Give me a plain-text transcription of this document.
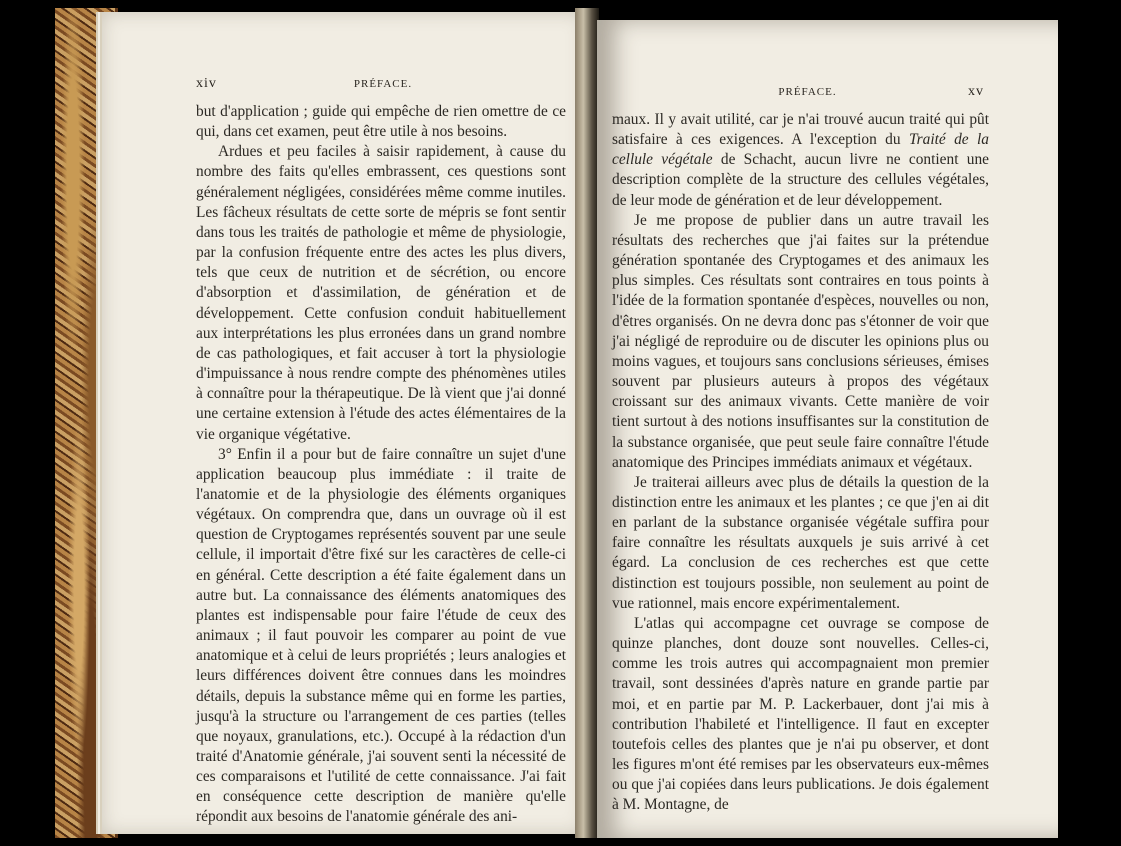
xiv	PRÉFACE.

but d'application ; guide qui empêche de rien omettre de ce qui, dans cet examen, peut être utile à nos besoins.

Ardues et peu faciles à saisir rapidement, à cause du nombre des faits qu'elles embrassent, ces questions sont généralement négligées, considérées même comme inutiles. Les fâcheux résultats de cette sorte de mépris se font sentir dans tous les traités de pathologie et même de physiologie, par la confusion fréquente entre des actes les plus divers, tels que ceux de nutrition et de sécrétion, ou encore d'absorption et d'assimilation, de génération et de développement. Cette confusion conduit habituellement aux interprétations les plus erronées dans un grand nombre de cas pathologiques, et fait accuser à tort la physiologie d'impuissance à nous rendre compte des phénomènes utiles à connaître pour la thérapeutique. De là vient que j'ai donné une certaine extension à l'étude des actes élémentaires de la vie organique végétative.

3° Enfin il a pour but de faire connaître un sujet d'une application beaucoup plus immédiate : il traite de l'anatomie et de la physiologie des éléments organiques végétaux. On comprendra que, dans un ouvrage où il est question de Cryptogames représentés souvent par une seule cellule, il importait d'être fixé sur les caractères de celle-ci en général. Cette description a été faite également dans un autre but. La connaissance des éléments anatomiques des plantes est indispensable pour faire l'étude de ceux des animaux ; il faut pouvoir les comparer au point de vue anatomique et à celui de leurs propriétés ; leurs analogies et leurs différences doivent être connues dans les moindres détails, depuis la substance même qui en forme les parties, jusqu'à la structure ou l'arrangement de ces parties (telles que noyaux, granulations, etc.). Occupé à la rédaction d'un traité d'Anatomie générale, j'ai souvent senti la nécessité de ces comparaisons et l'utilité de cette connaissance. J'ai fait en conséquence cette description de manière qu'elle répondit aux besoins de l'anatomie générale des ani-

PRÉFACE.	xv

maux. Il y avait utilité, car je n'ai trouvé aucun traité qui pût satisfaire à ces exigences. A l'exception du Traité de la cellule végétale de Schacht, aucun livre ne contient une description complète de la structure des cellules végétales, de leur mode de génération et de leur développement.

Je me propose de publier dans un autre travail les résultats des recherches que j'ai faites sur la prétendue génération spontanée des Cryptogames et des animaux les plus simples. Ces résultats sont contraires en tous points à l'idée de la formation spontanée d'espèces, nouvelles ou non, d'êtres organisés. On ne devra donc pas s'étonner de voir que j'ai négligé de reproduire ou de discuter les opinions plus ou moins vagues, et toujours sans conclusions sérieuses, émises souvent par plusieurs auteurs à propos des végétaux croissant sur des animaux vivants. Cette manière de voir tient surtout à des notions insuffisantes sur la constitution de la substance organisée, que peut seule faire connaître l'étude anatomique des Principes immédiats animaux et végétaux.

Je traiterai ailleurs avec plus de détails la question de la distinction entre les animaux et les plantes ; ce que j'en ai dit en parlant de la substance organisée végétale suffira pour faire connaître les résultats auxquels je suis arrivé à cet égard. La conclusion de ces recherches est que cette distinction est toujours possible, non seulement au point de vue rationnel, mais encore expérimentalement.

L'atlas qui accompagne cet ouvrage se compose de quinze planches, dont douze sont nouvelles. Celles-ci, comme les trois autres qui accompagnaient mon premier travail, sont dessinées d'après nature en grande partie par moi, et en partie par M. P. Lackerbauer, dont j'ai mis à contribution l'habileté et l'intelligence. Il faut en excepter toutefois celles des plantes que je n'ai pu observer, et dont les figures m'ont été remises par les observateurs eux-mêmes ou que j'ai copiées dans leurs publications. Je dois également à M. Montagne, de
